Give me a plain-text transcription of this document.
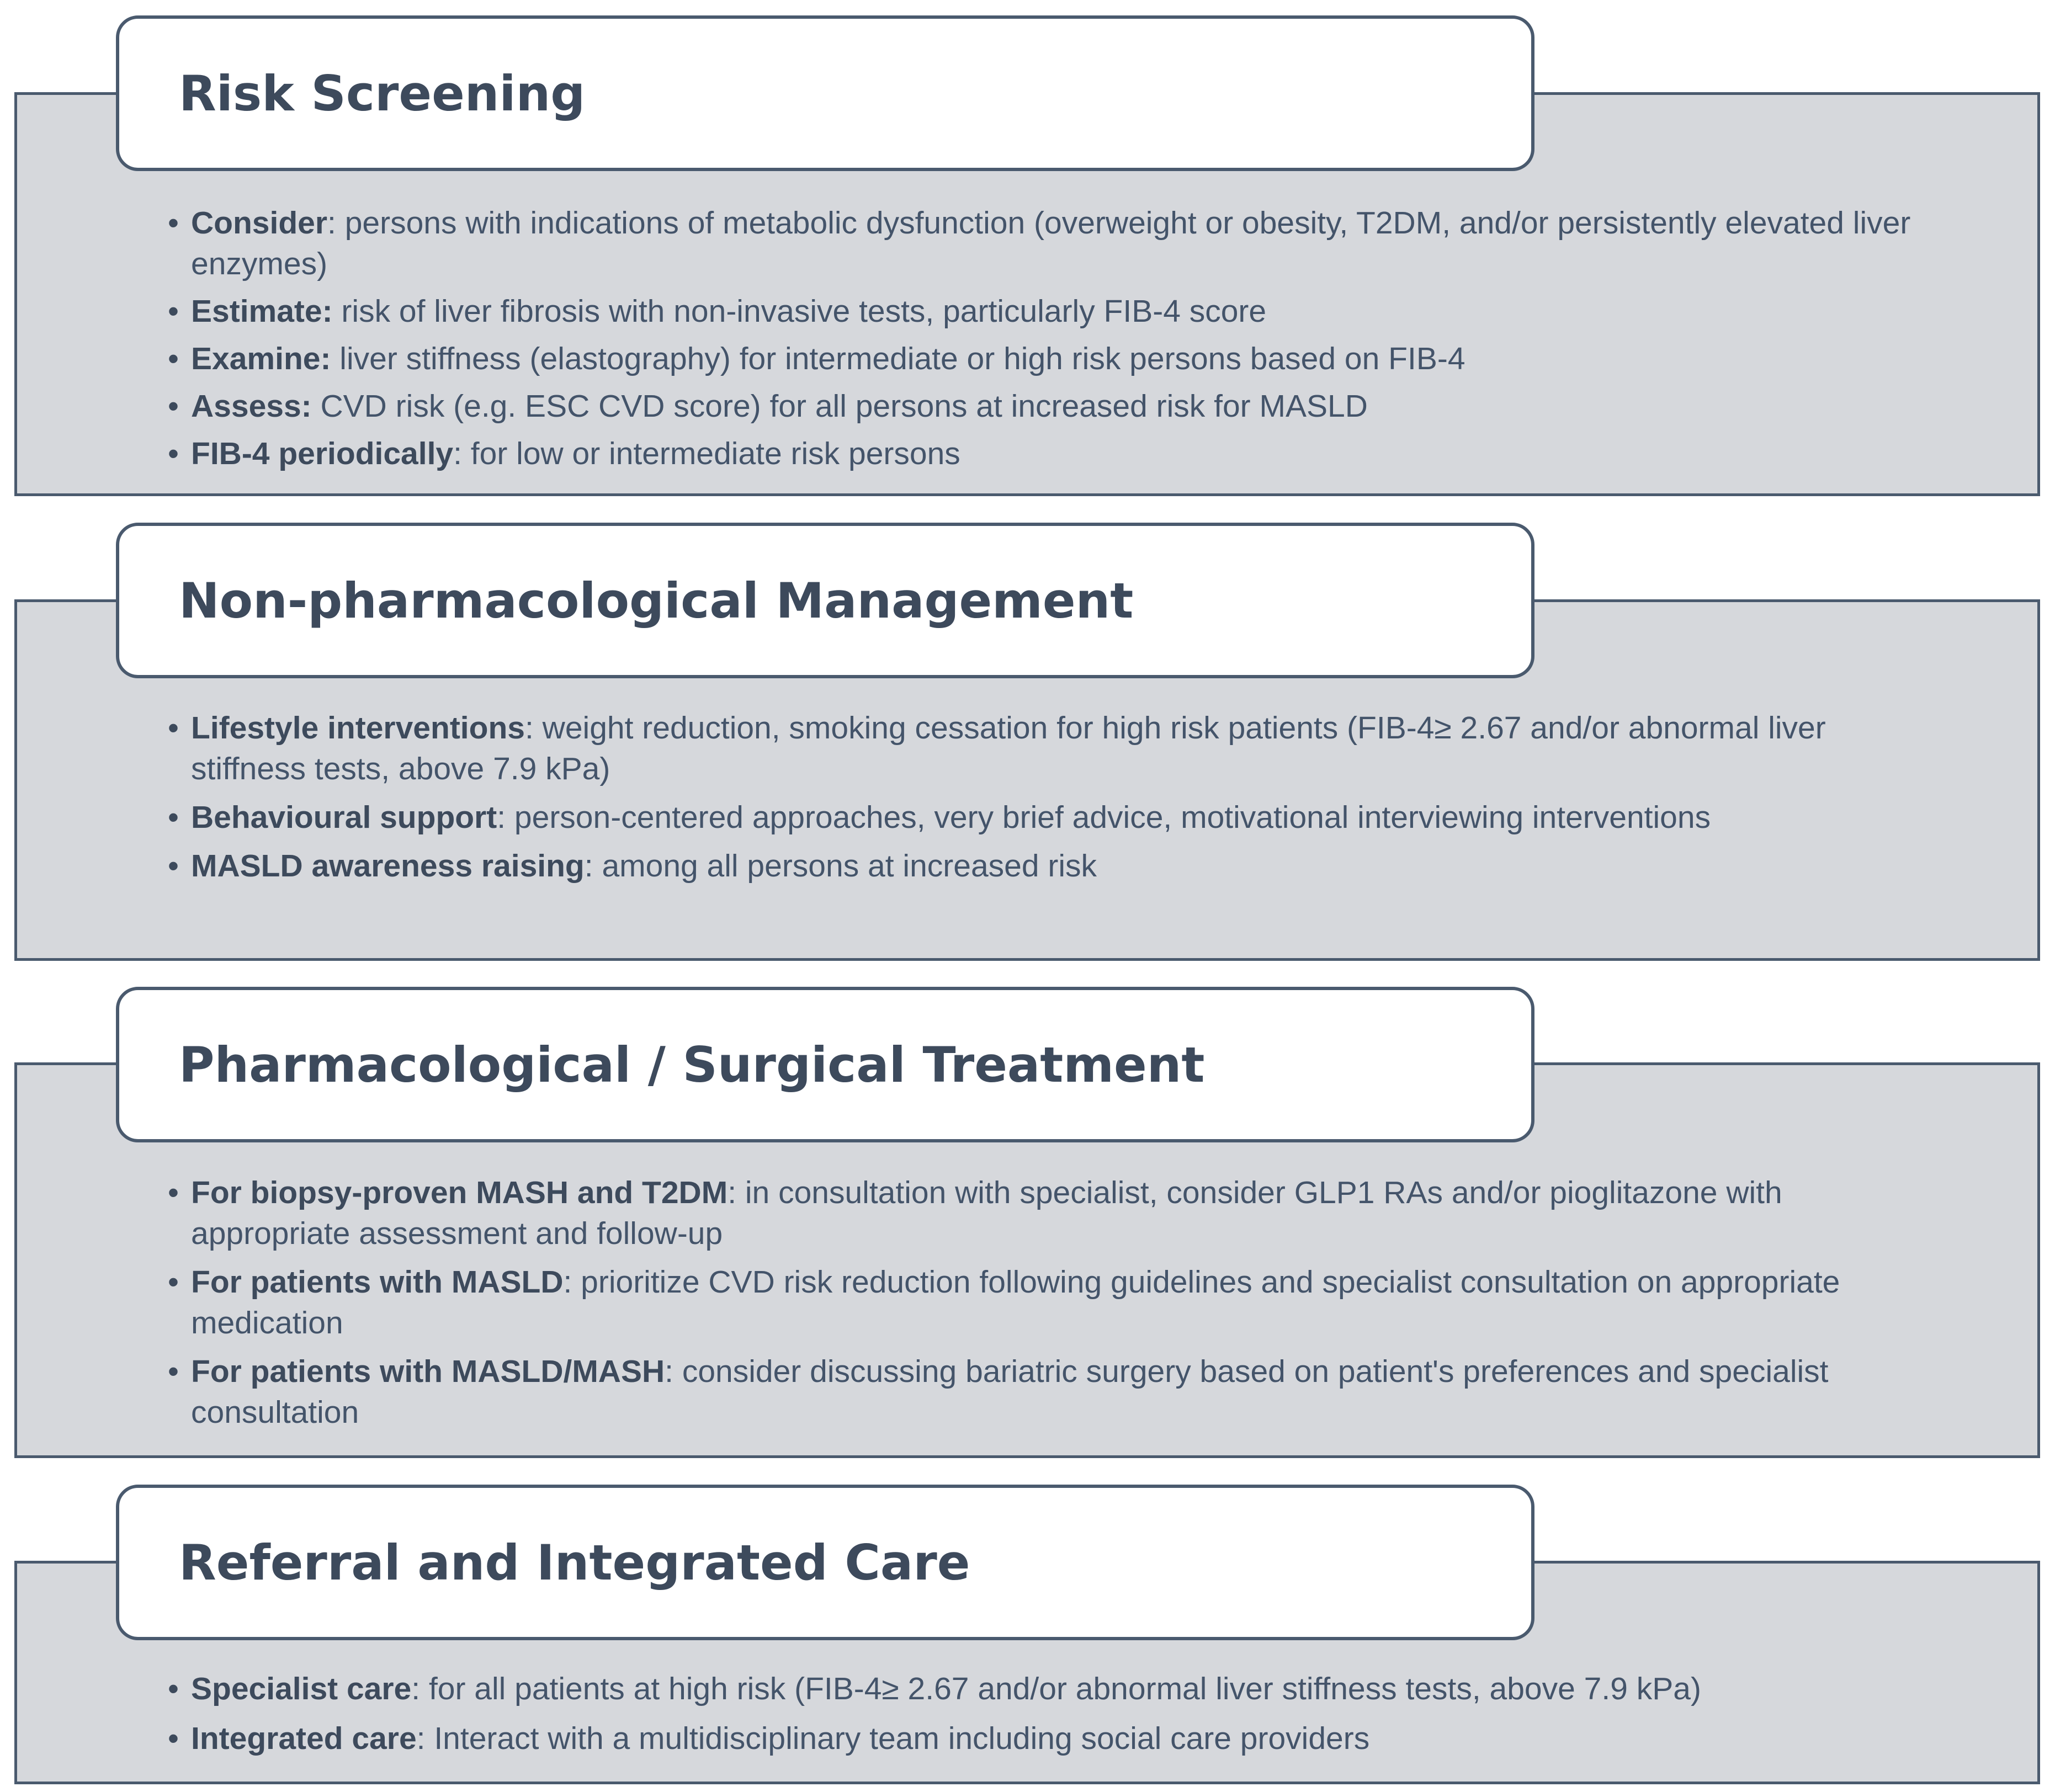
Risk Screening
• Consider: persons with indications of metabolic dysfunction (overweight or obesity, T2DM, and/or persistently elevated liver enzymes)
• Estimate: risk of liver fibrosis with non-invasive tests, particularly FIB-4 score
• Examine: liver stiffness (elastography) for intermediate or high risk persons based on FIB-4
• Assess: CVD risk (e.g. ESC CVD score) for all persons at increased risk for MASLD
• FIB-4 periodically: for low or intermediate risk persons
Non-pharmacological Management
• Lifestyle interventions: weight reduction, smoking cessation for high risk patients (FIB-4≥ 2.67 and/or abnormal liver stiffness tests, above 7.9 kPa)
• Behavioural support: person-centered approaches, very brief advice, motivational interviewing interventions
• MASLD awareness raising: among all persons at increased risk
Pharmacological / Surgical Treatment
• For biopsy-proven MASH and T2DM: in consultation with specialist, consider GLP1 RAs and/or pioglitazone with appropriate assessment and follow-up
• For patients with MASLD: prioritize CVD risk reduction following guidelines and specialist consultation on appropriate medication
• For patients with MASLD/MASH: consider discussing bariatric surgery based on patient's preferences and specialist consultation
Referral and Integrated Care
• Specialist care: for all patients at high risk (FIB-4≥ 2.67 and/or abnormal liver stiffness tests, above 7.9 kPa)
• Integrated care: Interact with a multidisciplinary team including social care providers
